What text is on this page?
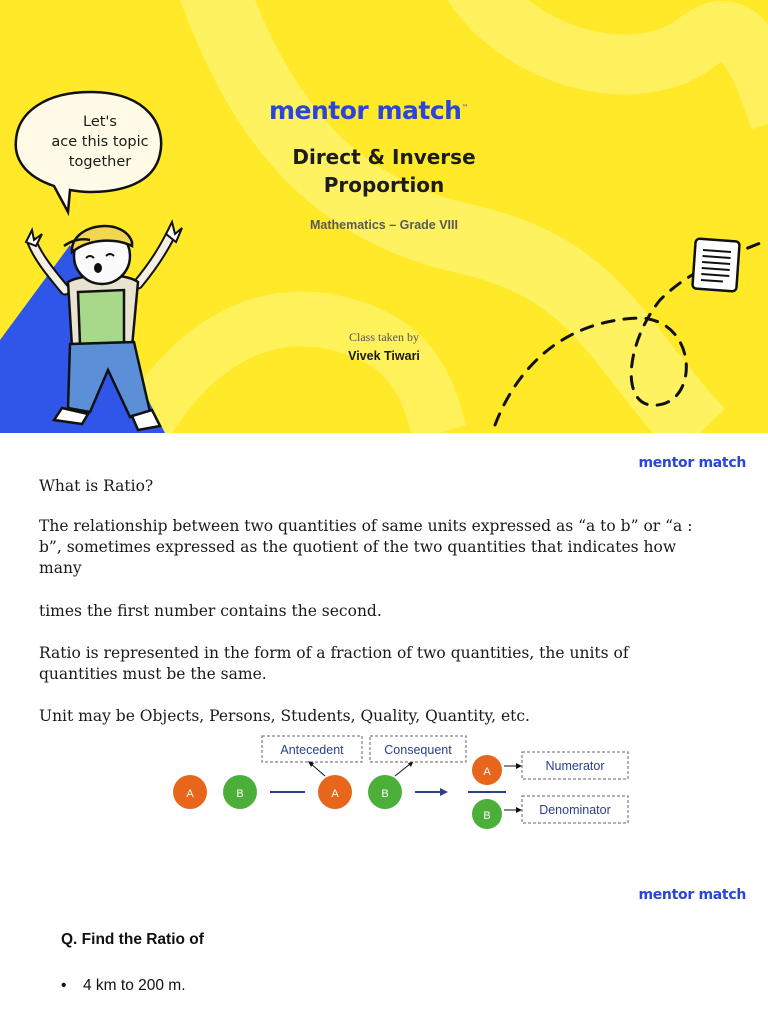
Let's
ace this topic
together
mentor match™
Direct & Inverse
Proportion
Mathematics – Grade VIII
Class taken by
Vivek Tiwari
mentor match
What is Ratio?
The relationship between two quantities of same units expressed as “a to b” or “a : b”, sometimes expressed as the quotient of the two quantities that indicates how many
times the first number contains the second.
Ratio is represented in the form of a fraction of two quantities, the units of quantities must be the same.
Unit may be Objects, Persons, Students, Quality, Quantity, etc.
A	B	A	B
Antecedent	Consequent
A
B
Numerator
Denominator
mentor match
Q. Find the Ratio of
• 4 km to 200 m.
